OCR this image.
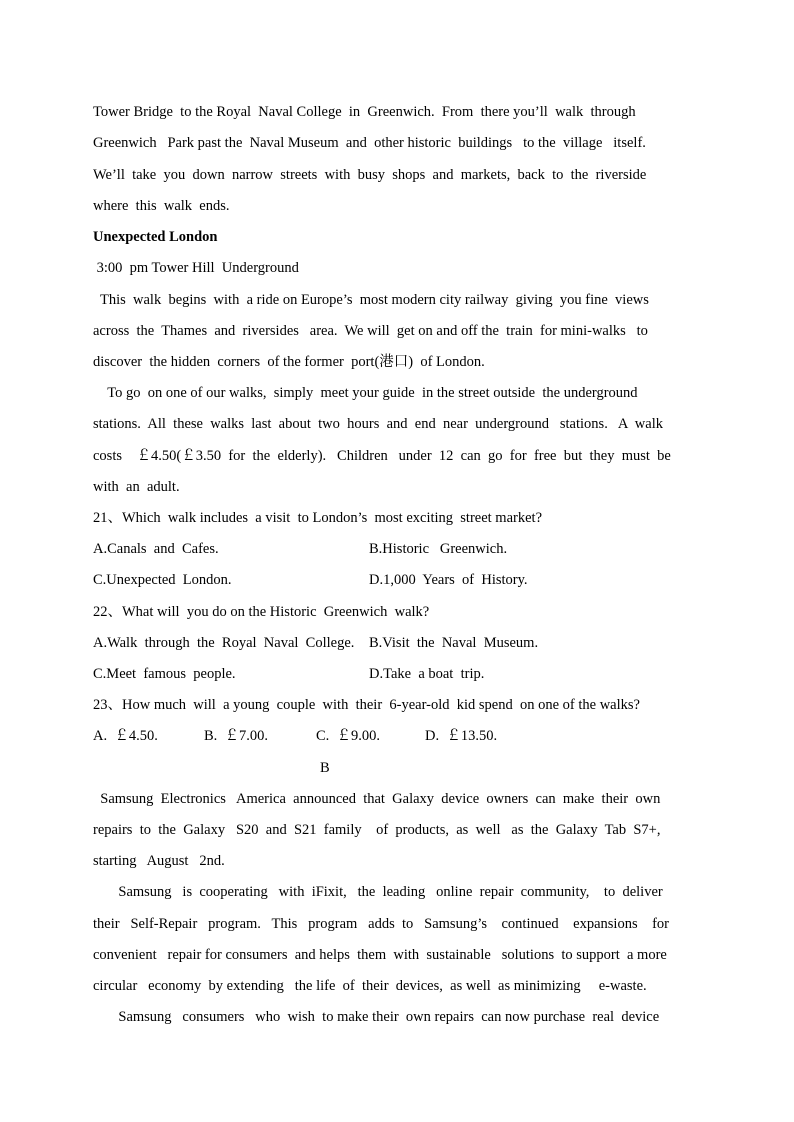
Tower Bridge  to the Royal  Naval College  in  Greenwich.  From  there you’ll  walk  through
Greenwich   Park past the  Naval Museum  and  other historic  buildings   to the  village   itself.
We’ll  take  you  down  narrow  streets  with  busy  shops  and  markets,  back  to  the  riverside
where  this  walk  ends.
Unexpected London
3:00  pm Tower Hill  Underground
This  walk  begins  with  a ride on Europe’s  most modern city railway  giving  you fine  views
across  the  Thames  and  riversides   area.  We will  get on and off the  train  for mini-walks   to
discover  the hidden  corners  of the former  port(港口)  of London.
To go  on one of our walks,  simply  meet your guide  in the street outside  the underground
stations.  All  these  walks  last  about  two  hours  and  end  near  underground   stations.   A  walk
costs    ￡4.50(￡3.50  for  the  elderly).   Children   under  12  can  go  for  free  but  they  must  be
with  an  adult.
21、Which  walk includes  a visit  to London’s  most exciting  street market?
A.Canals  and  Cafes.	B.Historic   Greenwich.
C.Unexpected  London.	D.1,000  Years  of  History.
22、What will  you do on the Historic  Greenwich  walk?
A.Walk  through  the  Royal  Naval  College. B.Visit  the  Naval  Museum.
C.Meet  famous  people.	D.Take  a boat  trip.
23、How much  will  a young  couple  with  their  6-year-old  kid spend  on one of the walks?
A.  ￡4.50.	B.  ￡7.00.	C.  ￡9.00.	D.  ￡13.50.
B
Samsung  Electronics   America  announced  that  Galaxy  device  owners  can  make  their  own
repairs  to  the  Galaxy   S20  and  S21  family    of  products,  as  well   as  the  Galaxy  Tab  S7+,
starting   August   2nd.
Samsung   is  cooperating   with  iFixit,   the  leading   online  repair  community,    to  deliver
their   Self-Repair   program.   This   program   adds  to   Samsung’s    continued    expansions    for
convenient   repair for consumers  and helps  them  with  sustainable   solutions  to support  a more
circular   economy  by extending   the life  of  their  devices,  as well  as minimizing     e-waste.
Samsung   consumers   who  wish  to make their  own repairs  can now purchase  real  device
